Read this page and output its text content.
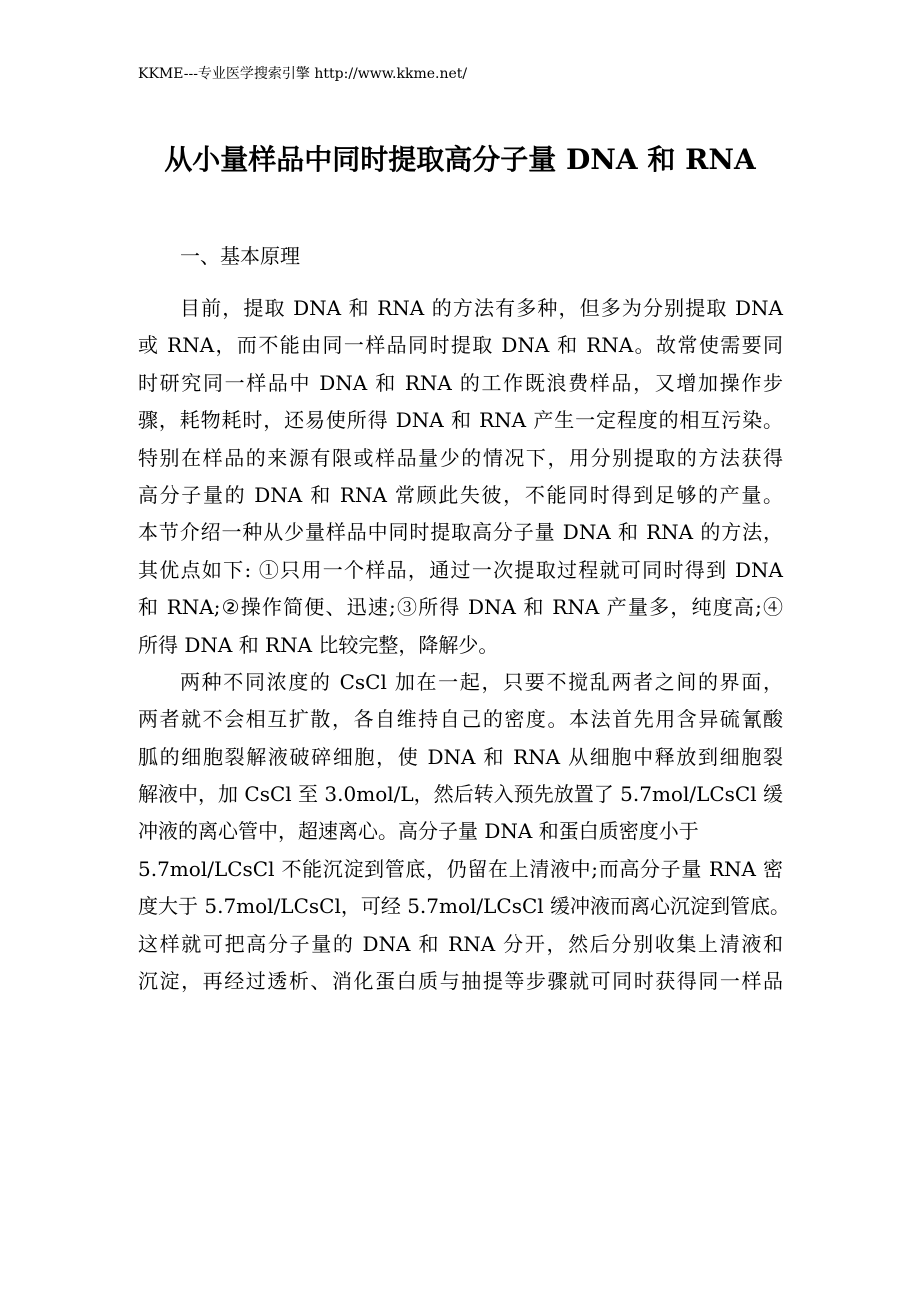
KKME---专业医学搜索引擎 http://www.kkme.net/
从小量样品中同时提取高分子量 DNA 和 RNA
一、基本原理
目前，提取 DNA 和 RNA 的方法有多种，但多为分别提取 DNA
或 RNA，而不能由同一样品同时提取 DNA 和 RNA。故常使需要同
时研究同一样品中 DNA 和 RNA 的工作既浪费样品，又增加操作步
骤，耗物耗时，还易使所得 DNA 和 RNA 产生一定程度的相互污染。
特别在样品的来源有限或样品量少的情况下，用分别提取的方法获得
高分子量的 DNA 和 RNA 常顾此失彼，不能同时得到足够的产量。
本节介绍一种从少量样品中同时提取高分子量 DNA 和 RNA 的方法，
其优点如下: ①只用一个样品，通过一次提取过程就可同时得到 DNA
和 RNA;②操作简便、迅速;③所得 DNA 和 RNA 产量多，纯度高;④
所得 DNA 和 RNA 比较完整，降解少。
两种不同浓度的 CsCl 加在一起，只要不搅乱两者之间的界面，
两者就不会相互扩散，各自维持自己的密度。本法首先用含异硫氰酸
胍的细胞裂解液破碎细胞，使 DNA 和 RNA 从细胞中释放到细胞裂
解液中，加 CsCl 至 3.0mol/L，然后转入预先放置了 5.7mol/LCsCl 缓
冲液的离心管中，超速离心。高分子量 DNA 和蛋白质密度小于
5.7mol/LCsCl 不能沉淀到管底，仍留在上清液中;而高分子量 RNA 密
度大于 5.7mol/LCsCl，可经 5.7mol/LCsCl 缓冲液而离心沉淀到管底。
这样就可把高分子量的 DNA 和 RNA 分开，然后分别收集上清液和
沉淀，再经过透析、消化蛋白质与抽提等步骤就可同时获得同一样品
